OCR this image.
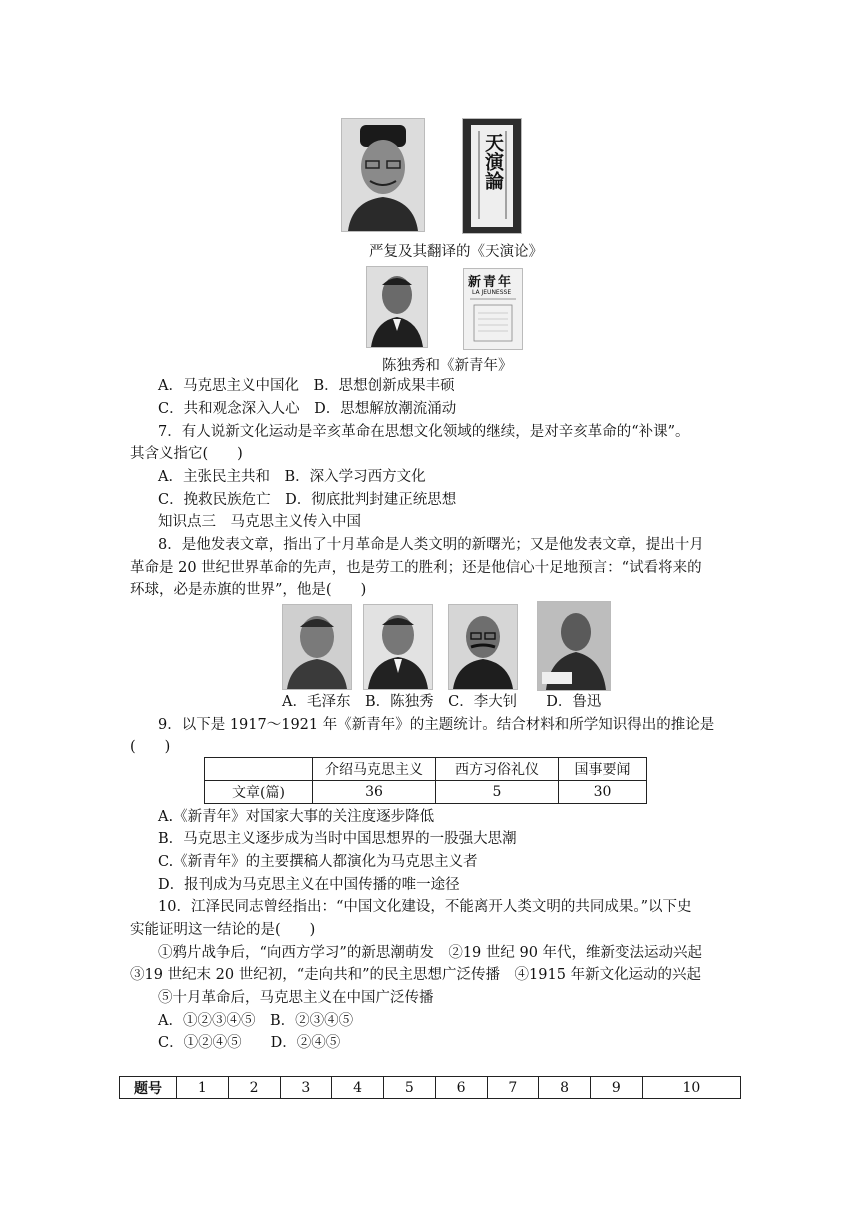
天演論
严复及其翻译的《天演论》
新青年
LA JEUNESSE
陈独秀和《新青年》
A．马克思主义中国化　B．思想创新成果丰硕
C．共和观念深入人心　D．思想解放潮流涌动
7．有人说新文化运动是辛亥革命在思想文化领域的继续，是对辛亥革命的“补课”。
其含义指它(　　)
A．主张民主共和　B．深入学习西方文化
C．挽救民族危亡　D．彻底批判封建正统思想
知识点三　马克思主义传入中国
8．是他发表文章，指出了十月革命是人类文明的新曙光；又是他发表文章，提出十月
革命是 20 世纪世界革命的先声，也是劳工的胜利；还是他信心十足地预言：“试看将来的
环球，必是赤旗的世界”，他是(　　)
A．毛泽东　B．陈独秀　C．李大钊　　D．鲁迅
9．以下是 1917～1921 年《新青年》的主题统计。结合材料和所学知识得出的推论是
(　　)
	介绍马克思主义	西方习俗礼仪	国事要闻
文章(篇)	36	5	30
A.《新青年》对国家大事的关注度逐步降低
B．马克思主义逐步成为当时中国思想界的一股强大思潮
C.《新青年》的主要撰稿人都演化为马克思主义者
D．报刊成为马克思主义在中国传播的唯一途径
10．江泽民同志曾经指出：“中国文化建设，不能离开人类文明的共同成果。”以下史
实能证明这一结论的是(　　)
①鸦片战争后，“向西方学习”的新思潮萌发　②19 世纪 90 年代，维新变法运动兴起
③19 世纪末 20 世纪初，“走向共和”的民主思想广泛传播　④1915 年新文化运动的兴起
⑤十月革命后，马克思主义在中国广泛传播
A．①②③④⑤　B．②③④⑤
C．①②④⑤　　D．②④⑤
题号	1	2	3	4	5	6	7	8	9	10
